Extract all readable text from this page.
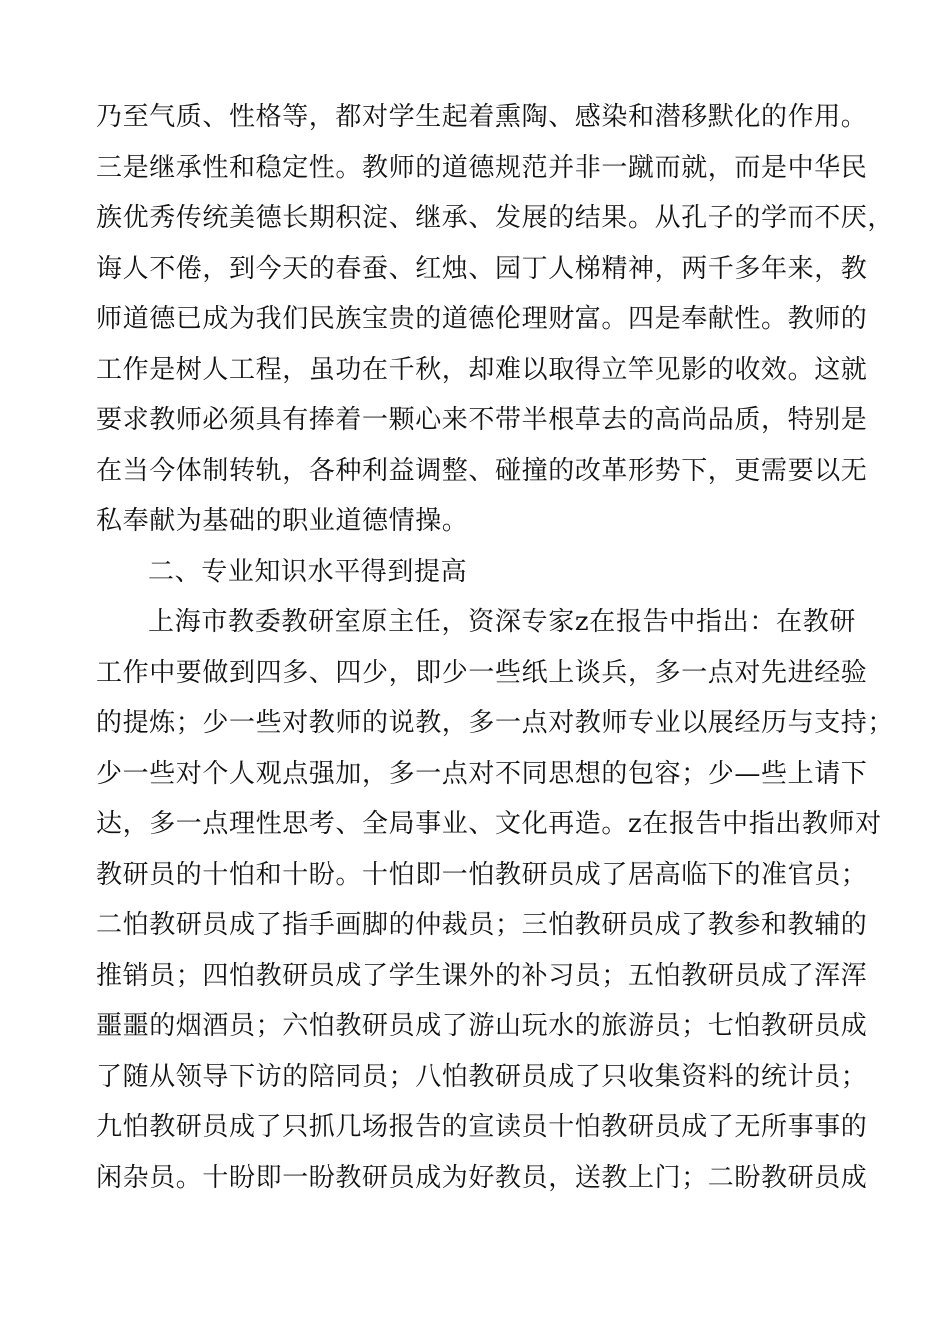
乃至气质、性格等，都对学生起着熏陶、感染和潜移默化的作用。
三是继承性和稳定性。教师的道德规范并非一蹴而就，而是中华民
族优秀传统美德长期积淀、继承、发展的结果。从孔子的学而不厌，
诲人不倦，到今天的春蚕、红烛、园丁人梯精神，两千多年来，教
师道德已成为我们民族宝贵的道德伦理财富。四是奉献性。教师的
工作是树人工程，虽功在千秋，却难以取得立竿见影的收效。这就
要求教师必须具有捧着一颗心来不带半根草去的高尚品质，特别是
在当今体制转轨，各种利益调整、碰撞的改革形势下，更需要以无
私奉献为基础的职业道德情操。
二、专业知识水平得到提高
上海市教委教研室原主任，资深专家z在报告中指出：在教研
工作中要做到四多、四少，即少一些纸上谈兵，多一点对先进经验
的提炼；少一些对教师的说教，多一点对教师专业以展经历与支持；
少一些对个人观点强加，多一点对不同思想的包容；少—些上请下
达，多一点理性思考、全局事业、文化再造。z在报告中指出教师对
教研员的十怕和十盼。十怕即一怕教研员成了居高临下的准官员；
二怕教研员成了指手画脚的仲裁员；三怕教研员成了教参和教辅的
推销员；四怕教研员成了学生课外的补习员；五怕教研员成了浑浑
噩噩的烟酒员；六怕教研员成了游山玩水的旅游员；七怕教研员成
了随从领导下访的陪同员；八怕教研员成了只收集资料的统计员；
九怕教研员成了只抓几场报告的宣读员十怕教研员成了无所事事的
闲杂员。十盼即一盼教研员成为好教员，送教上门；二盼教研员成
